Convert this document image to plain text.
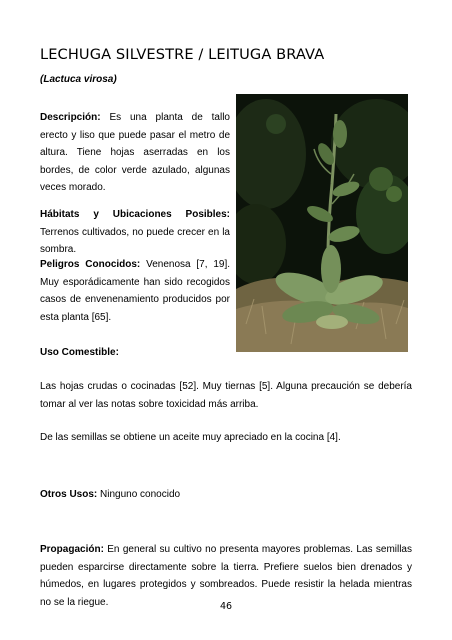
LECHUGA SILVESTRE / LEITUGA BRAVA

(Lactuca virosa)

Descripción: Es una planta de tallo erecto y liso que puede pasar el metro de altura. Tiene hojas aserradas en los bordes, de color verde azulado, algunas veces morado.

Hábitats y Ubicaciones Posibles: Terrenos cultivados, no puede crecer en la sombra.

Peligros Conocidos: Venenosa [7, 19]. Muy esporádicamente han sido recogidos casos de envenenamiento producidos por esta planta [65].

Uso Comestible:

Las hojas crudas o cocinadas [52]. Muy tiernas [5]. Alguna precaución se debería tomar al ver las notas sobre toxicidad más arriba.

De las semillas se obtiene un aceite muy apreciado en la cocina [4].

Otros Usos: Ninguno conocido

Propagación: En general su cultivo no presenta mayores problemas. Las semillas pueden esparcirse directamente sobre la tierra. Prefiere suelos bien drenados y húmedos, en lugares protegidos y sombreados. Puede resistir la helada mientras no se la riegue.	46
